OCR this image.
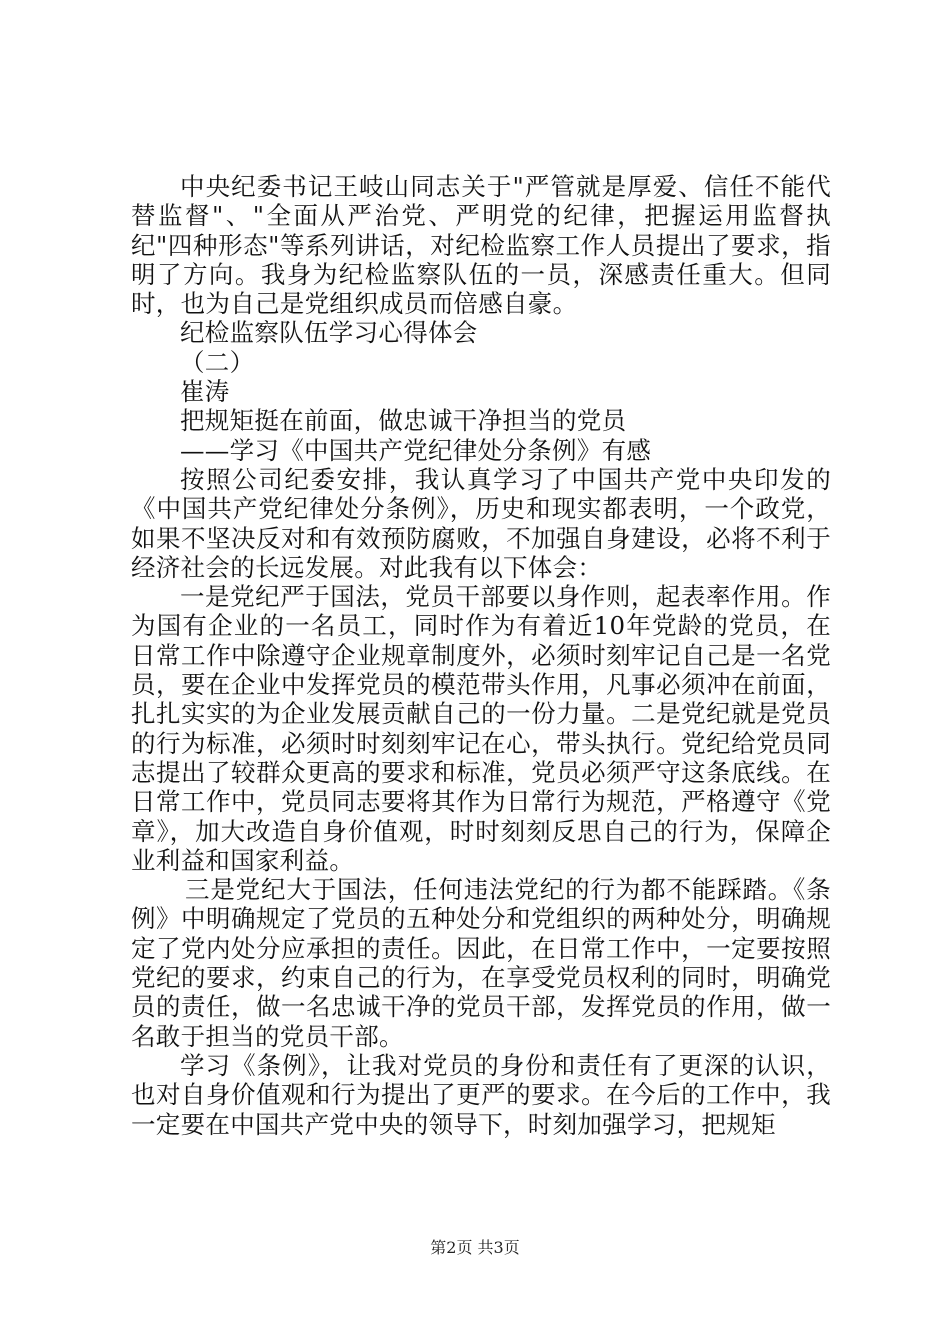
中央纪委书记王岐山同志关于"严管就是厚爱、信任不能代替监督"、"全面从严治党、严明党的纪律，把握运用监督执纪"四种形态"等系列讲话，对纪检监察工作人员提出了要求，指明了方向。我身为纪检监察队伍的一员，深感责任重大。但同时，也为自己是党组织成员而倍感自豪。

纪检监察队伍学习心得体会

（二）

崔涛

把规矩挺在前面，做忠诚干净担当的党员

——学习《中国共产党纪律处分条例》有感

按照公司纪委安排，我认真学习了中国共产党中央印发的《中国共产党纪律处分条例》，历史和现实都表明，一个政党，如果不坚决反对和有效预防腐败，不加强自身建设，必将不利于经济社会的长远发展。对此我有以下体会：

一是党纪严于国法，党员干部要以身作则，起表率作用。作为国有企业的一名员工，同时作为有着近10年党龄的党员，在日常工作中除遵守企业规章制度外，必须时刻牢记自己是一名党员，要在企业中发挥党员的模范带头作用，凡事必须冲在前面，扎扎实实的为企业发展贡献自己的一份力量。二是党纪就是党员的行为标准，必须时时刻刻牢记在心，带头执行。党纪给党员同志提出了较群众更高的要求和标准，党员必须严守这条底线。在日常工作中，党员同志要将其作为日常行为规范，严格遵守《党章》，加大改造自身价值观，时时刻刻反思自己的行为，保障企业利益和国家利益。

三是党纪大于国法，任何违法党纪的行为都不能踩踏。《条例》中明确规定了党员的五种处分和党组织的两种处分，明确规定了党内处分应承担的责任。因此，在日常工作中，一定要按照党纪的要求，约束自己的行为，在享受党员权利的同时，明确党员的责任，做一名忠诚干净的党员干部，发挥党员的作用，做一名敢于担当的党员干部。

学习《条例》，让我对党员的身份和责任有了更深的认识，也对自身价值观和行为提出了更严的要求。在今后的工作中，我一定要在中国共产党中央的领导下，时刻加强学习，把规矩

第2页 共3页
